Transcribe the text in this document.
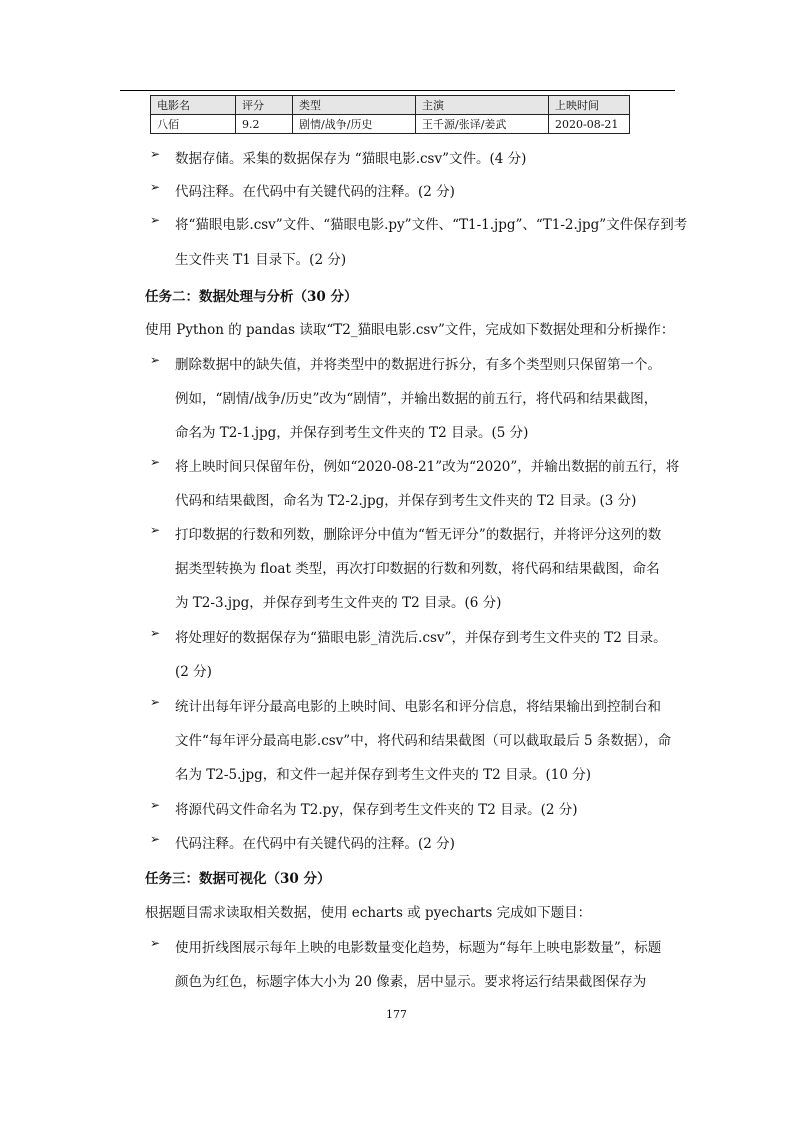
电影名	评分	类型	主演	上映时间
八佰	9.2	剧情/战争/历史	王千源/张译/姜武	2020-08-21
➢ 数据存储。采集的数据保存为 “猫眼电影.csv”文件。(4 分)
➢ 代码注释。在代码中有关键代码的注释。(2 分)
➢ 将“猫眼电影.csv”文件、“猫眼电影.py”文件、“T1-1.jpg”、“T1-2.jpg”文件保存到考
生文件夹 T1 目录下。(2 分)
任务二：数据处理与分析（30 分）
使用 Python 的 pandas 读取“T2_猫眼电影.csv”文件，完成如下数据处理和分析操作：
➢ 删除数据中的缺失值，并将类型中的数据进行拆分，有多个类型则只保留第一个。
例如，“剧情/战争/历史”改为“剧情”，并输出数据的前五行，将代码和结果截图，
命名为 T2-1.jpg，并保存到考生文件夹的 T2 目录。(5 分)
➢ 将上映时间只保留年份，例如“2020-08-21”改为“2020”，并输出数据的前五行，将
代码和结果截图，命名为 T2-2.jpg，并保存到考生文件夹的 T2 目录。(3 分)
➢ 打印数据的行数和列数，删除评分中值为“暂无评分”的数据行，并将评分这列的数
据类型转换为 float 类型，再次打印数据的行数和列数，将代码和结果截图，命名
为 T2-3.jpg，并保存到考生文件夹的 T2 目录。(6 分)
➢ 将处理好的数据保存为“猫眼电影_清洗后.csv”，并保存到考生文件夹的 T2 目录。
(2 分)
➢ 统计出每年评分最高电影的上映时间、电影名和评分信息，将结果输出到控制台和
文件“每年评分最高电影.csv”中，将代码和结果截图（可以截取最后 5 条数据），命
名为 T2-5.jpg，和文件一起并保存到考生文件夹的 T2 目录。(10 分)
➢ 将源代码文件命名为 T2.py，保存到考生文件夹的 T2 目录。(2 分)
➢ 代码注释。在代码中有关键代码的注释。(2 分)
任务三：数据可视化（30 分）
根据题目需求读取相关数据，使用 echarts 或 pyecharts 完成如下题目：
➢ 使用折线图展示每年上映的电影数量变化趋势，标题为“每年上映电影数量”，标题
颜色为红色，标题字体大小为 20 像素，居中显示。要求将运行结果截图保存为
177
